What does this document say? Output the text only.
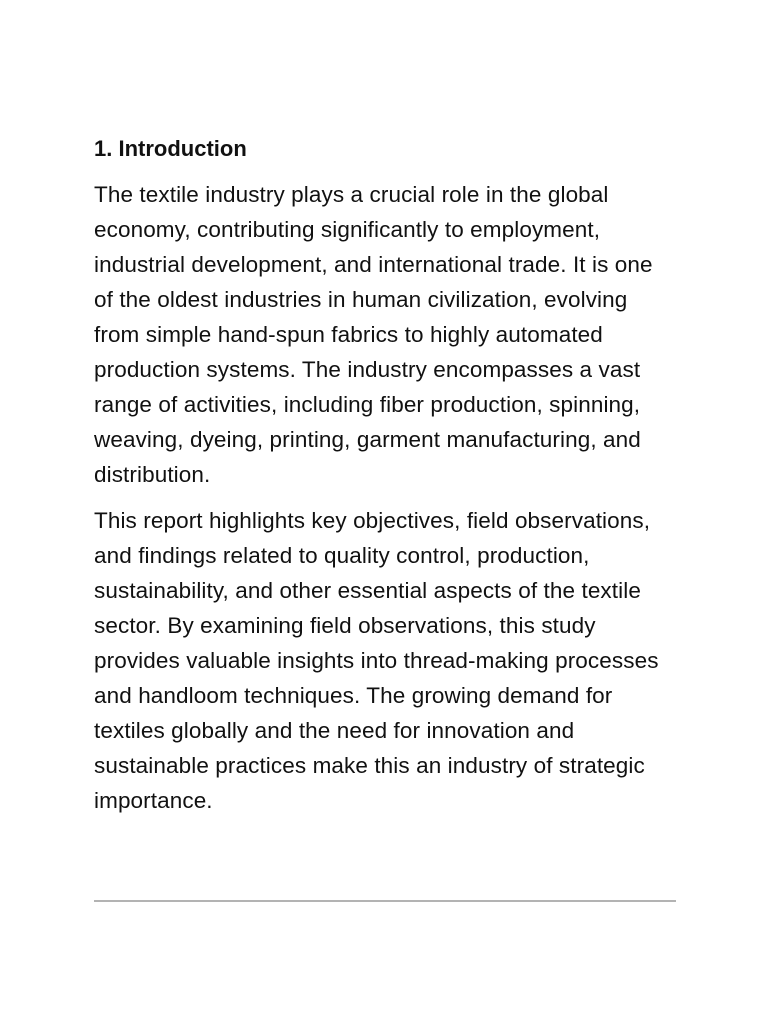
1. Introduction

The textile industry plays a crucial role in the global economy, contributing significantly to employment, industrial development, and international trade. It is one of the oldest industries in human civilization, evolving from simple hand-spun fabrics to highly automated production systems. The industry encompasses a vast range of activities, including fiber production, spinning, weaving, dyeing, printing, garment manufacturing, and distribution.

This report highlights key objectives, field observations, and findings related to quality control, production, sustainability, and other essential aspects of the textile sector. By examining field observations, this study provides valuable insights into thread-making processes and handloom techniques. The growing demand for textiles globally and the need for innovation and sustainable practices make this an industry of strategic importance.
